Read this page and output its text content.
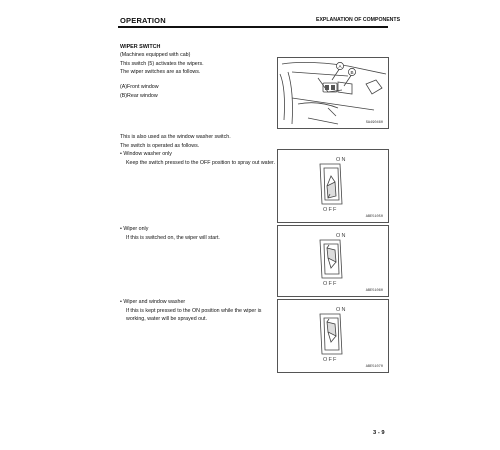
OPERATION	EXPLANATION OF COMPONENTS
WIPER SWITCH

(Machines equipped with cab)

This switch (5) activates the wipers.

The wiper switches are as follows.

(A)Front window

(B)Rear window

A
B
SA490460

This is also used as the window washer switch.

The switch is operated as follows.

• Window washer only

Keep the switch pressed to the OFF position to spray out water.	ON
OFF
ABE51050
• Wiper only

If this is switched on, the wiper will start.	ON
OFF
ABE51060
• Wiper and window washer

If this is kept pressed to the ON position while the wiper is

working, water will be sprayed out.

ON
OFF
ABE51070
3 - 9
